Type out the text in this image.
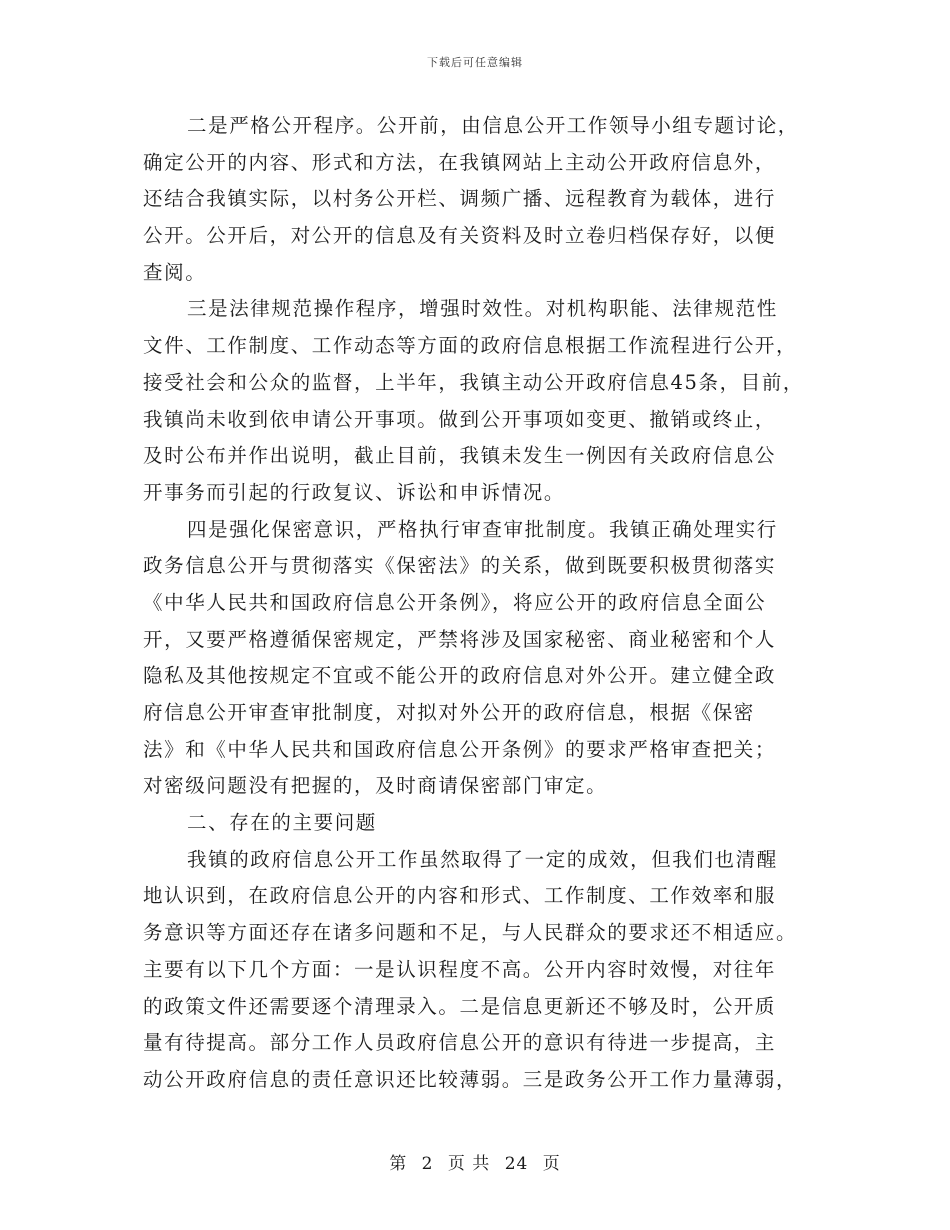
下载后可任意编辑
二是严格公开程序。公开前，由信息公开工作领导小组专题讨论，
确定公开的内容、形式和方法，在我镇网站上主动公开政府信息外，
还结合我镇实际，以村务公开栏、调频广播、远程教育为载体，进行
公开。公开后，对公开的信息及有关资料及时立卷归档保存好，以便
查阅。
三是法律规范操作程序，增强时效性。对机构职能、法律规范性
文件、工作制度、工作动态等方面的政府信息根据工作流程进行公开，
接受社会和公众的监督，上半年，我镇主动公开政府信息45条，目前，
我镇尚未收到依申请公开事项。做到公开事项如变更、撤销或终止，
及时公布并作出说明，截止目前，我镇未发生一例因有关政府信息公
开事务而引起的行政复议、诉讼和申诉情况。
四是强化保密意识，严格执行审查审批制度。我镇正确处理实行
政务信息公开与贯彻落实《保密法》的关系，做到既要积极贯彻落实
《中华人民共和国政府信息公开条例》，将应公开的政府信息全面公
开，又要严格遵循保密规定，严禁将涉及国家秘密、商业秘密和个人
隐私及其他按规定不宜或不能公开的政府信息对外公开。建立健全政
府信息公开审查审批制度，对拟对外公开的政府信息，根据《保密
法》和《中华人民共和国政府信息公开条例》的要求严格审查把关；
对密级问题没有把握的，及时商请保密部门审定。
二、存在的主要问题
我镇的政府信息公开工作虽然取得了一定的成效，但我们也清醒
地认识到，在政府信息公开的内容和形式、工作制度、工作效率和服
务意识等方面还存在诸多问题和不足，与人民群众的要求还不相适应。
主要有以下几个方面：一是认识程度不高。公开内容时效慢，对往年
的政策文件还需要逐个清理录入。二是信息更新还不够及时，公开质
量有待提高。部分工作人员政府信息公开的意识有待进一步提高，主
动公开政府信息的责任意识还比较薄弱。三是政务公开工作力量薄弱，
第 2 页 共 24 页
